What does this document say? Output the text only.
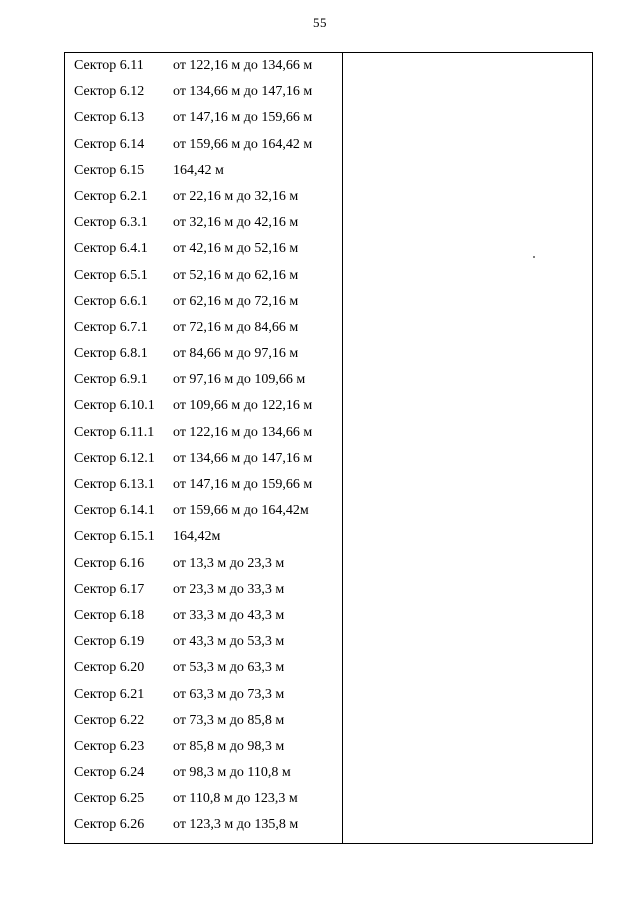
55
Сектор 6.11 от 122,16 м до 134,66 м
Сектор 6.12 от 134,66 м до 147,16 м
Сектор 6.13 от 147,16 м до 159,66 м
Сектор 6.14 от 159,66 м до 164,42 м
Сектор 6.15 164,42 м
Сектор 6.2.1 от 22,16 м до 32,16 м
Сектор 6.3.1 от 32,16 м до 42,16 м
Сектор 6.4.1 от 42,16 м до 52,16 м
Сектор 6.5.1 от 52,16 м до 62,16 м
Сектор 6.6.1 от 62,16 м до 72,16 м
Сектор 6.7.1 от 72,16 м до 84,66 м
Сектор 6.8.1 от 84,66 м до 97,16 м
Сектор 6.9.1 от 97,16 м до 109,66 м
Сектор 6.10.1 от 109,66 м до 122,16 м
Сектор 6.11.1 от 122,16 м до 134,66 м
Сектор 6.12.1 от 134,66 м до 147,16 м
Сектор 6.13.1 от 147,16 м до 159,66 м
Сектор 6.14.1 от 159,66 м до 164,42м
Сектор 6.15.1 164,42м
Сектор 6.16 от 13,3 м до 23,3 м
Сектор 6.17 от 23,3 м до 33,3 м
Сектор 6.18 от 33,3 м до 43,3 м
Сектор 6.19 от 43,3 м до 53,3 м
Сектор 6.20 от 53,3 м до 63,3 м
Сектор 6.21 от 63,3 м до 73,3 м
Сектор 6.22 от 73,3 м до 85,8 м
Сектор 6.23 от 85,8 м до 98,3 м
Сектор 6.24 от 98,3 м до 110,8 м
Сектор 6.25 от 110,8 м до 123,3 м
Сектор 6.26 от 123,3 м до 135,8 м
